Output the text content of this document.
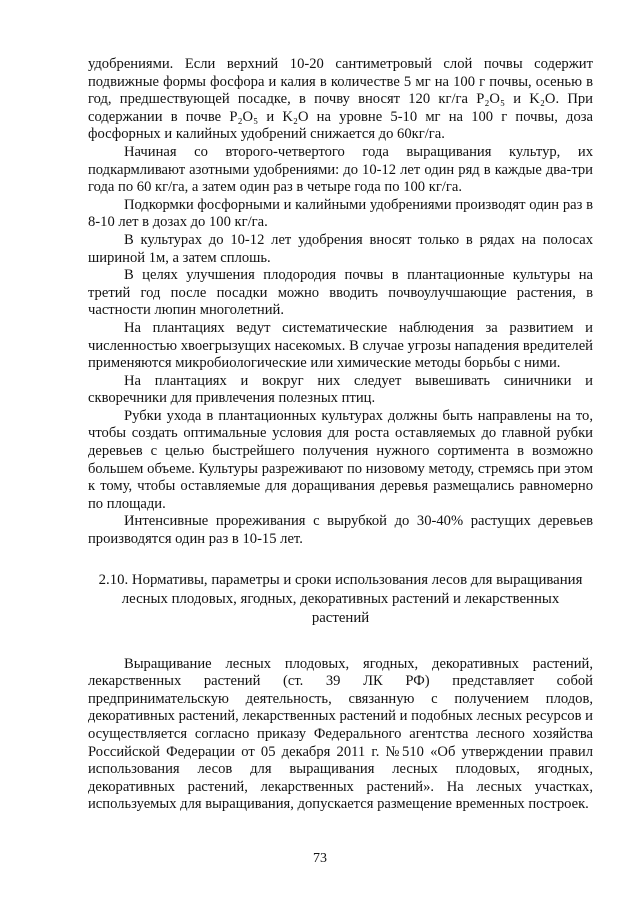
удобрениями. Если верхний 10-20 сантиметровый слой почвы содержит подвижные формы фосфора и калия в количестве 5 мг на 100 г почвы, осенью в год, предшествующей посадке, в почву вносят 120 кг/га P₂O₅ и K₂O. При содержании в почве P₂O₅ и K₂O на уровне 5-10 мг на 100 г почвы, доза фосфорных и калийных удобрений снижается до 60кг/га.

Начиная со второго-четвертого года выращивания культур, их подкармливают азотными удобрениями: до 10-12 лет один ряд в каждые два-три года по 60 кг/га, а затем один раз в четыре года по 100 кг/га.

Подкормки фосфорными и калийными удобрениями производят один раз в 8-10 лет в дозах до 100 кг/га.

В культурах до 10-12 лет удобрения вносят только в рядах на полосах шириной 1м, а затем сплошь.

В целях улучшения плодородия почвы в плантационные культуры на третий год после посадки можно вводить почвоулучшающие растения, в частности люпин многолетний.

На плантациях ведут систематические наблюдения за развитием и численностью хвоегрызущих насекомых. В случае угрозы нападения вредителей применяются микробиологические или химические методы борьбы с ними.

На плантациях и вокруг них следует вывешивать синичники и скворечники для привлечения полезных птиц.

Рубки ухода в плантационных культурах должны быть направлены на то, чтобы создать оптимальные условия для роста оставляемых до главной рубки деревьев с целью быстрейшего получения нужного сортимента в возможно большем объеме. Культуры разреживают по низовому методу, стремясь при этом к тому, чтобы оставляемые для доращивания деревья размещались равномерно по площади.

Интенсивные прореживания с вырубкой до 30-40% растущих деревьев производятся один раз в 10-15 лет.

2.10. Нормативы, параметры и сроки использования лесов для выращивания лесных плодовых, ягодных, декоративных растений и лекарственных растений

Выращивание лесных плодовых, ягодных, декоративных растений, лекарственных растений (ст. 39 ЛК РФ) представляет собой предпринимательскую деятельность, связанную с получением плодов, декоративных растений, лекарственных растений и подобных лесных ресурсов и осуществляется согласно приказу Федерального агентства лесного хозяйства Российской Федерации от 05 декабря 2011 г. №510 «Об утверждении правил использования лесов для выращивания лесных плодовых, ягодных, декоративных растений, лекарственных растений». На лесных участках, используемых для выращивания, допускается размещение временных построек.

73
